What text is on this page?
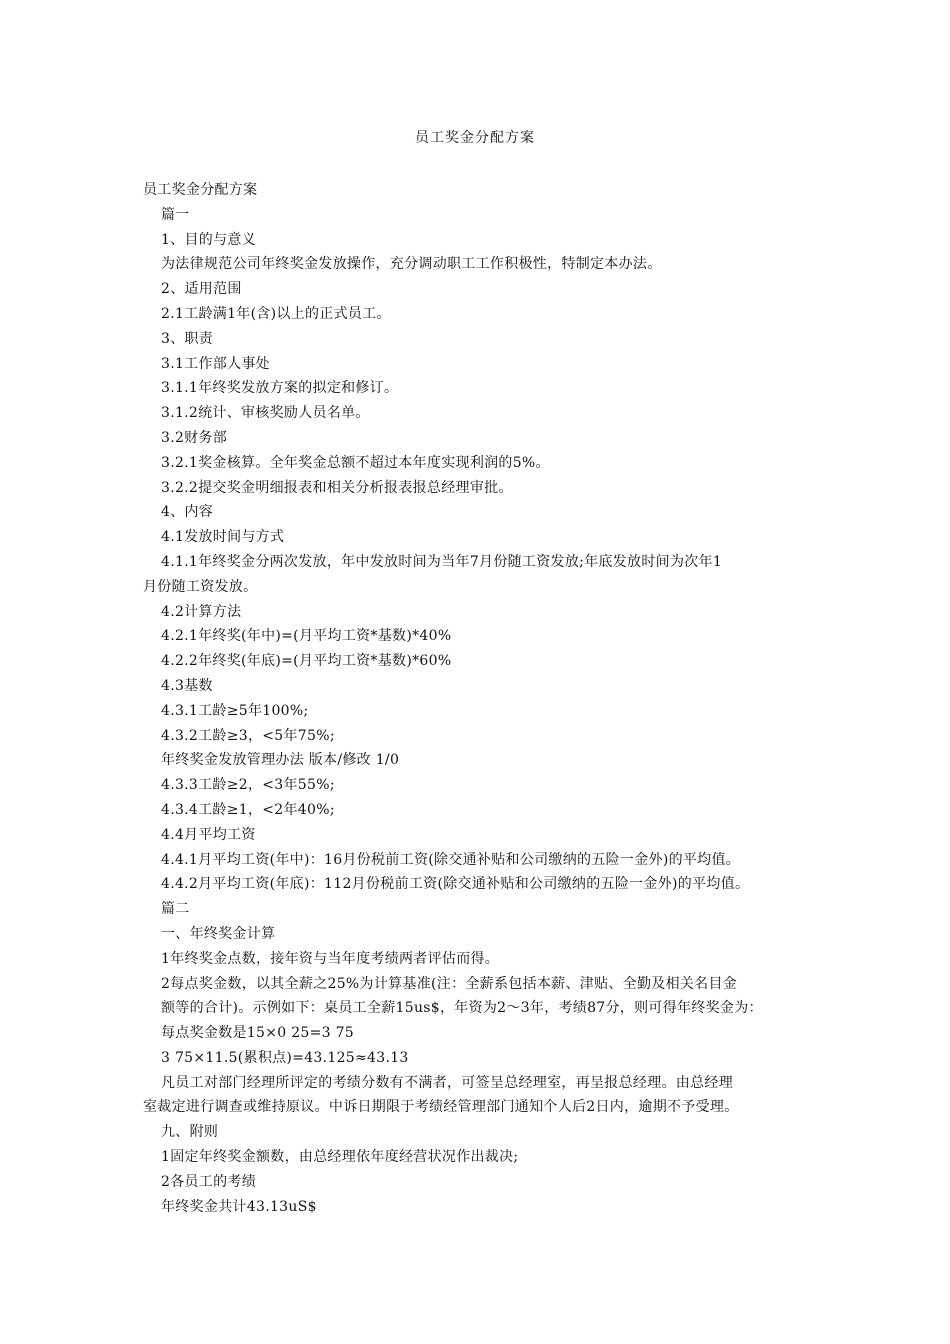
员工奖金分配方案
员工奖金分配方案
篇一
1、目的与意义
为法律规范公司年终奖金发放操作，充分调动职工工作积极性，特制定本办法。
2、适用范围
2.1工龄满1年(含)以上的正式员工。
3、职责
3.1工作部人事处
3.1.1年终奖发放方案的拟定和修订。
3.1.2统计、审核奖励人员名单。
3.2财务部
3.2.1奖金核算。全年奖金总额不超过本年度实现利润的5%。
3.2.2提交奖金明细报表和相关分析报表报总经理审批。
4、内容
4.1发放时间与方式
4.1.1年终奖金分两次发放，年中发放时间为当年7月份随工资发放;年底发放时间为次年1
月份随工资发放。
4.2计算方法
4.2.1年终奖(年中)=(月平均工资*基数)*40%
4.2.2年终奖(年底)=(月平均工资*基数)*60%
4.3基数
4.3.1工龄≥5年100%;
4.3.2工龄≥3，<5年75%;
年终奖金发放管理办法 版本/修改 1/0
4.3.3工龄≥2，<3年55%;
4.3.4工龄≥1，<2年40%;
4.4月平均工资
4.4.1月平均工资(年中)：16月份税前工资(除交通补贴和公司缴纳的五险一金外)的平均值。
4.4.2月平均工资(年底)：112月份税前工资(除交通补贴和公司缴纳的五险一金外)的平均值。
篇二
一、年终奖金计算
1年终奖金点数，接年资与当年度考绩两者评估而得。
2每点奖金数，以其全薪之25%为计算基准(注：全薪系包括本薪、津贴、全勤及相关名目金
额等的合计)。示例如下：桌员工全薪15us$，年资为2～3年，考绩87分，则可得年终奖金为：
每点奖金数是15×0 25=3 75
3 75×11.5(累积点)=43.125≈43.13
凡员工对部门经理所评定的考绩分数有不满者，可签呈总经理室，再呈报总经理。由总经理
室裁定进行调查或维持原议。中诉日期限于考绩经管理部门通知个人后2日内，逾期不予受理。
九、附则
1固定年终奖金额数，由总经理依年度经营状况作出裁决;
2各员工的考绩
年终奖金共计43.13uS$
